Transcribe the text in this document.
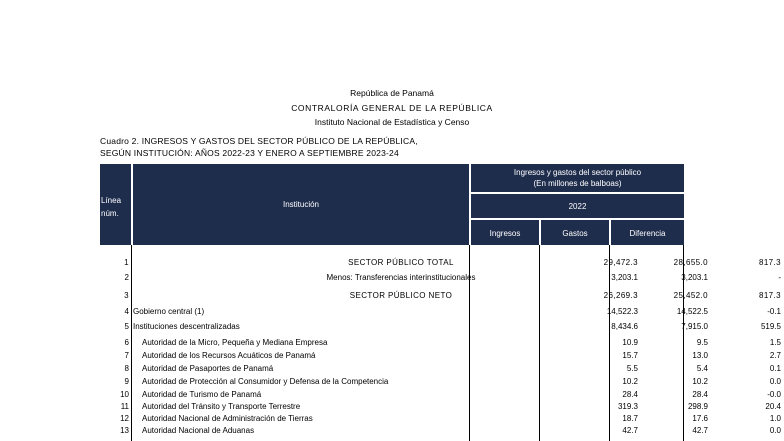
República de Panamá
CONTRALORÍA GENERAL DE LA REPÚBLICA
Instituto Nacional de Estadística y Censo
Cuadro 2. INGRESOS Y GASTOS DEL SECTOR PÚBLICO DE LA REPÚBLICA,
SEGÚN INSTITUCIÓN: AÑOS 2022-23 Y ENERO A SEPTIEMBRE 2023-24
Línea
núm.
Institución
Ingresos y gastos del sector público
(En millones de balboas)
2022
Ingresos	Gastos	Diferencia
1	SECTOR PÚBLICO TOTAL	29,472.3	28,655.0	817.3
2	Menos: Transferencias interinstitucionales	3,203.1	3,203.1	-
3	SECTOR PÚBLICO NETO	26,269.3	25,452.0	817.3
4 Gobierno central (1)	14,522.3	14,522.5	-0.1
5 Instituciones descentralizadas	8,434.6	7,915.0	519.5
6 Autoridad de la Micro, Pequeña y Mediana Empresa	10.9	9.5	1.5
7 Autoridad de los Recursos Acuáticos de Panamá	15.7	13.0	2.7
8 Autoridad de Pasaportes de Panamá	5.5	5.4	0.1
9 Autoridad de Protección al Consumidor y Defensa de la Competencia	10.2	10.2	0.0
10 Autoridad de Turismo de Panamá	28.4	28.4	-0.0
11 Autoridad del Tránsito y Transporte Terrestre	319.3	298.9	20.4
12 Autoridad Nacional de Administración de Tierras	18.7	17.6	1.0
13 Autoridad Nacional de Aduanas	42.7	42.7	0.0
